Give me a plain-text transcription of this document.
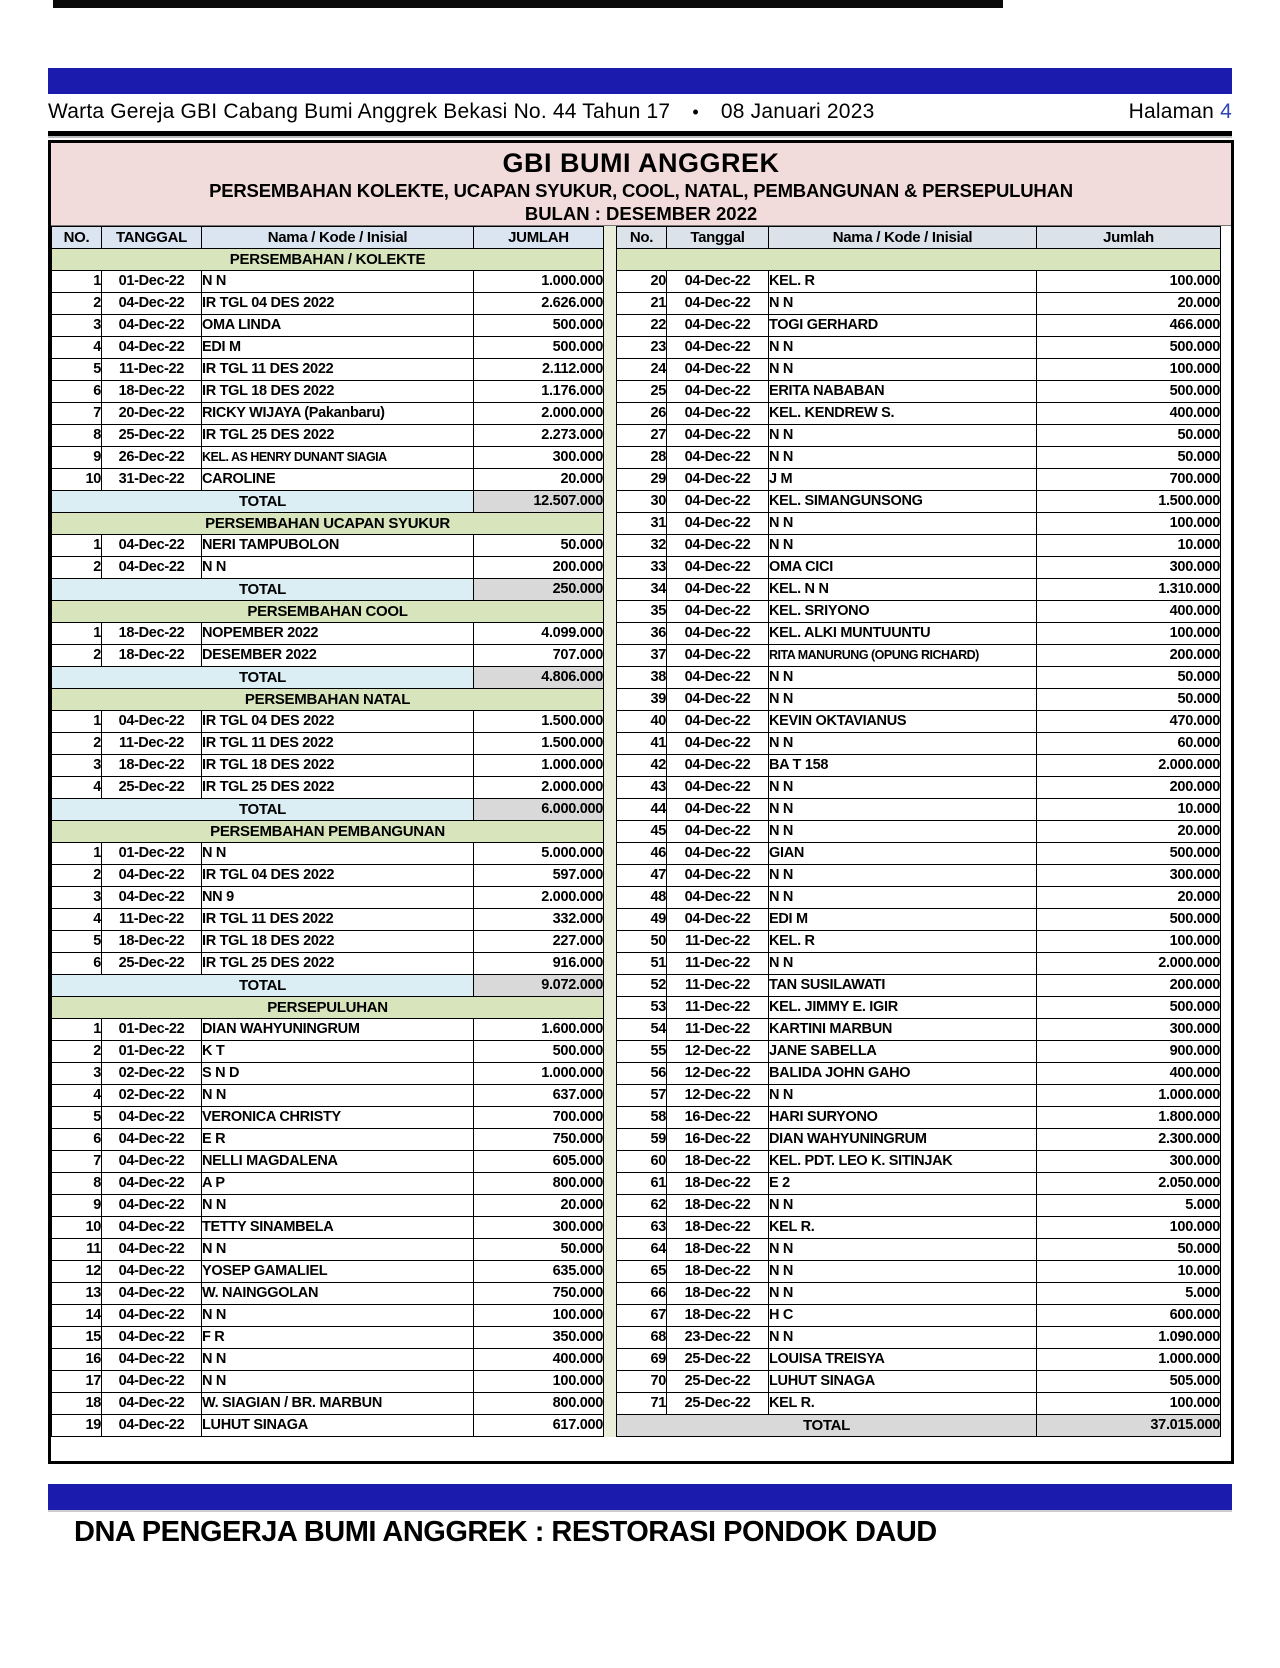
Warta Gereja GBI Cabang Bumi Anggrek Bekasi No. 44 Tahun 17 • 08 Januari 2023	Halaman 4
GBI BUMI ANGGREK
PERSEMBAHAN KOLEKTE, UCAPAN SYUKUR, COOL, NATAL, PEMBANGUNAN & PERSEPULUHAN
BULAN : DESEMBER 2022
NO.	TANGGAL	Nama / Kode / Inisial	JUMLAH
PERSEMBAHAN / KOLEKTE			
1	01-Dec-22	N N	1.000.000
2	04-Dec-22	IR TGL 04 DES 2022	2.626.000
3	04-Dec-22	OMA LINDA	500.000
4	04-Dec-22	EDI M	500.000
5	11-Dec-22	IR TGL 11 DES 2022	2.112.000
6	18-Dec-22	IR TGL 18 DES 2022	1.176.000
7	20-Dec-22	RICKY WIJAYA (Pakanbaru)	2.000.000
8	25-Dec-22	IR TGL 25 DES 2022	2.273.000
9	26-Dec-22	KEL. AS HENRY DUNANT SIAGIA	300.000
10	31-Dec-22	CAROLINE	20.000
TOTAL			12.507.000
PERSEMBAHAN UCAPAN SYUKUR			
1	04-Dec-22	NERI TAMPUBOLON	50.000
2	04-Dec-22	N N	200.000
TOTAL			250.000
PERSEMBAHAN COOL			
1	18-Dec-22	NOPEMBER 2022	4.099.000
2	18-Dec-22	DESEMBER 2022	707.000
TOTAL			4.806.000
PERSEMBAHAN NATAL			
1	04-Dec-22	IR TGL 04 DES 2022	1.500.000
2	11-Dec-22	IR TGL 11 DES 2022	1.500.000
3	18-Dec-22	IR TGL 18 DES 2022	1.000.000
4	25-Dec-22	IR TGL 25 DES 2022	2.000.000
TOTAL			6.000.000
PERSEMBAHAN PEMBANGUNAN			
1	01-Dec-22	N N	5.000.000
2	04-Dec-22	IR TGL 04 DES 2022	597.000
3	04-Dec-22	NN 9	2.000.000
4	11-Dec-22	IR TGL 11 DES 2022	332.000
5	18-Dec-22	IR TGL 18 DES 2022	227.000
6	25-Dec-22	IR TGL 25 DES 2022	916.000
TOTAL			9.072.000
PERSEPULUHAN			
1	01-Dec-22	DIAN WAHYUNINGRUM	1.600.000
2	01-Dec-22	K T	500.000
3	02-Dec-22	S N D	1.000.000
4	02-Dec-22	N N	637.000
5	04-Dec-22	VERONICA CHRISTY	700.000
6	04-Dec-22	E R	750.000
7	04-Dec-22	NELLI MAGDALENA	605.000
8	04-Dec-22	A P	800.000
9	04-Dec-22	N N	20.000
10	04-Dec-22	TETTY SINAMBELA	300.000
11	04-Dec-22	N N	50.000
12	04-Dec-22	YOSEP GAMALIEL	635.000
13	04-Dec-22	W. NAINGGOLAN	750.000
14	04-Dec-22	N N	100.000
15	04-Dec-22	F R	350.000
16	04-Dec-22	N N	400.000
17	04-Dec-22	N N	100.000
18	04-Dec-22	W. SIAGIAN / BR. MARBUN	800.000
19	04-Dec-22	LUHUT SINAGA	617.000
No.	Tanggal	Nama / Kode / Inisial	Jumlah

20	04-Dec-22	KEL. R	100.000
21	04-Dec-22	N N	20.000
22	04-Dec-22	TOGI GERHARD	466.000
23	04-Dec-22	N N	500.000
24	04-Dec-22	N N	100.000
25	04-Dec-22	ERITA NABABAN	500.000
26	04-Dec-22	KEL. KENDREW S.	400.000
27	04-Dec-22	N N	50.000
28	04-Dec-22	N N	50.000
29	04-Dec-22	J M	700.000
30	04-Dec-22	KEL. SIMANGUNSONG	1.500.000
31	04-Dec-22	N N	100.000
32	04-Dec-22	N N	10.000
33	04-Dec-22	OMA CICI	300.000
34	04-Dec-22	KEL. N N	1.310.000
35	04-Dec-22	KEL. SRIYONO	400.000
36	04-Dec-22	KEL. ALKI MUNTUUNTU	100.000
37	04-Dec-22	RITA MANURUNG (OPUNG RICHARD)	200.000
38	04-Dec-22	N N	50.000
39	04-Dec-22	N N	50.000
40	04-Dec-22	KEVIN OKTAVIANUS	470.000
41	04-Dec-22	N N	60.000
42	04-Dec-22	BA T 158	2.000.000
43	04-Dec-22	N N	200.000
44	04-Dec-22	N N	10.000
45	04-Dec-22	N N	20.000
46	04-Dec-22	GIAN	500.000
47	04-Dec-22	N N	300.000
48	04-Dec-22	N N	20.000
49	04-Dec-22	EDI M	500.000
50	11-Dec-22	KEL. R	100.000
51	11-Dec-22	N N	2.000.000
52	11-Dec-22	TAN SUSILAWATI	200.000
53	11-Dec-22	KEL. JIMMY E. IGIR	500.000
54	11-Dec-22	KARTINI MARBUN	300.000
55	12-Dec-22	JANE SABELLA	900.000
56	12-Dec-22	BALIDA JOHN GAHO	400.000
57	12-Dec-22	N N	1.000.000
58	16-Dec-22	HARI SURYONO	1.800.000
59	16-Dec-22	DIAN WAHYUNINGRUM	2.300.000
60	18-Dec-22	KEL. PDT. LEO K. SITINJAK	300.000
61	18-Dec-22	E 2	2.050.000
62	18-Dec-22	N N	5.000
63	18-Dec-22	KEL R.	100.000
64	18-Dec-22	N N	50.000
65	18-Dec-22	N N	10.000
66	18-Dec-22	N N	5.000
67	18-Dec-22	H C	600.000
68	23-Dec-22	N N	1.090.000
69	25-Dec-22	LOUISA TREISYA	1.000.000
70	25-Dec-22	LUHUT SINAGA	505.000
71	25-Dec-22	KEL R.	100.000
TOTAL			37.015.000
DNA PENGERJA BUMI ANGGREK : RESTORASI PONDOK DAUD
